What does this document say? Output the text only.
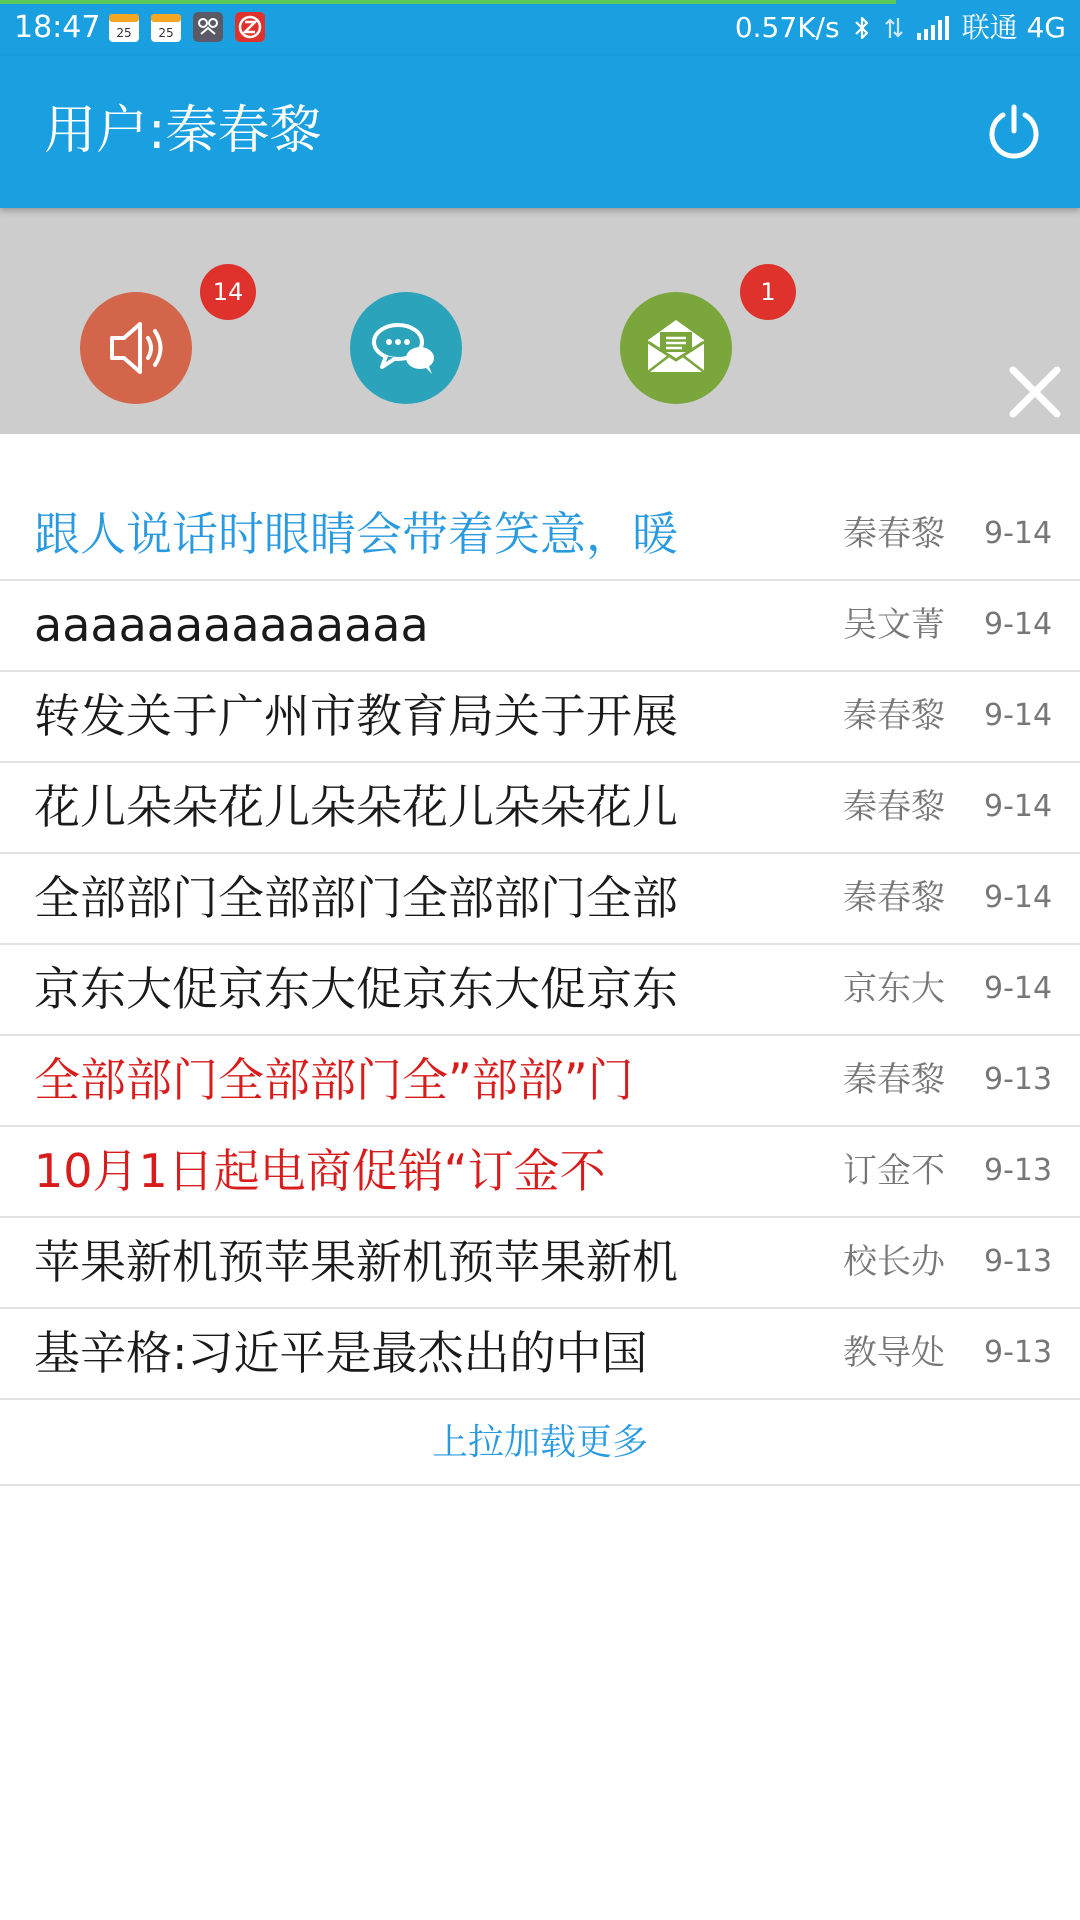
18:47 25 25	0.57K/s	联通 4G
用户:秦春黎
14	1
跟人说话时眼睛会带着笑意，暖	秦春黎 9-14
aaaaaaaaaaaaaa	吴文菁 9-14
转发关于广州市教育局关于开展	秦春黎 9-14
花儿朵朵花儿朵朵花儿朵朵花儿	秦春黎 9-14
全部部门全部部门全部部门全部	秦春黎 9-14
京东大促京东大促京东大促京东	京东大 9-14
全部部门全部部门全”部部”门	秦春黎 9-13
10月1日起电商促销“订金不	订金不 9-13
苹果新机预苹果新机预苹果新机	校长办 9-13
基辛格:习近平是最杰出的中国	教导处 9-13
上拉加载更多
